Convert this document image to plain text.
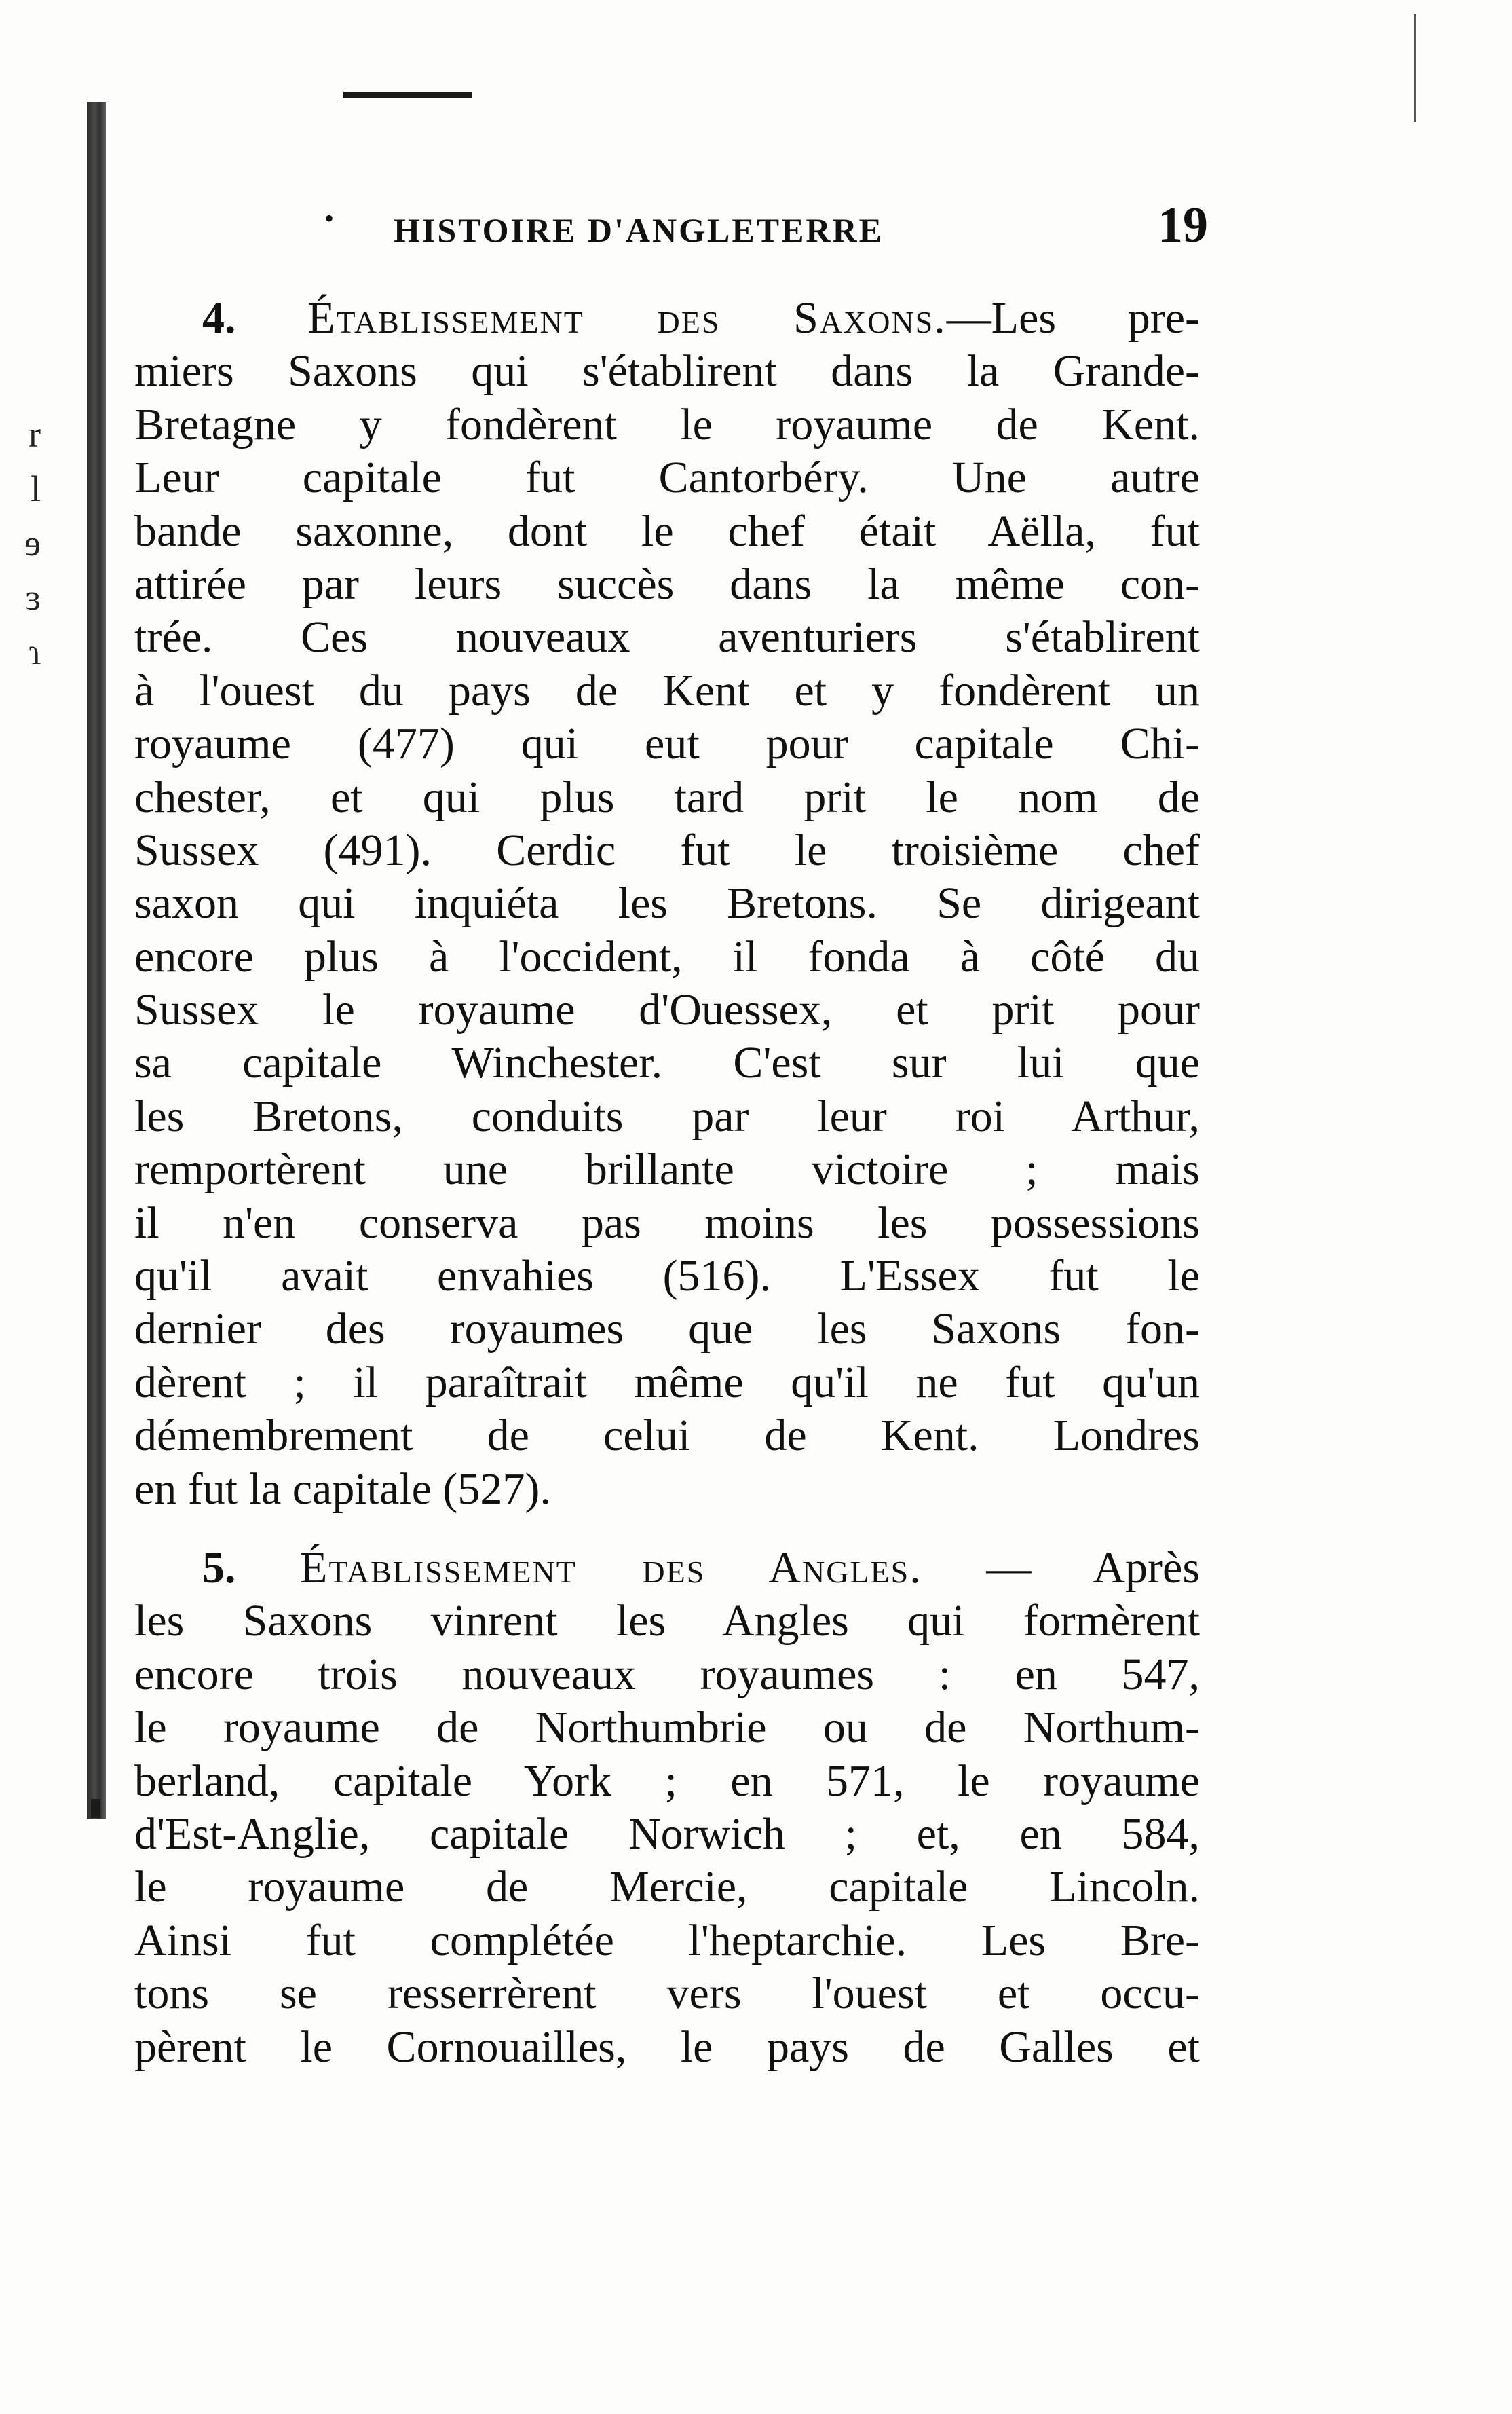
r
l
ɘ
ɜ
ɿ
• HISTOIRE D'ANGLETERRE	19
4. Établissement des Saxons.—Les pre-
miers Saxons qui s'établirent dans la Grande-
Bretagne y fondèrent le royaume de Kent.
Leur capitale fut Cantorbéry. Une autre
bande saxonne, dont le chef était Aëlla, fut
attirée par leurs succès dans la même con-
trée. Ces nouveaux aventuriers s'établirent
à l'ouest du pays de Kent et y fondèrent un
royaume (477) qui eut pour capitale Chi-
chester, et qui plus tard prit le nom de
Sussex (491). Cerdic fut le troisième chef
saxon qui inquiéta les Bretons. Se dirigeant
encore plus à l'occident, il fonda à côté du
Sussex le royaume d'Ouessex, et prit pour
sa capitale Winchester. C'est sur lui que
les Bretons, conduits par leur roi Arthur,
remportèrent une brillante victoire ; mais
il n'en conserva pas moins les possessions
qu'il avait envahies (516). L'Essex fut le
dernier des royaumes que les Saxons fon-
dèrent ; il paraîtrait même qu'il ne fut qu'un
démembrement de celui de Kent. Londres
en fut la capitale (527).
5. Établissement des Angles. — Après
les Saxons vinrent les Angles qui formèrent
encore trois nouveaux royaumes : en 547,
le royaume de Northumbrie ou de Northum-
berland, capitale York ; en 571, le royaume
d'Est-Anglie, capitale Norwich ; et, en 584,
le royaume de Mercie, capitale Lincoln.
Ainsi fut complétée l'heptarchie. Les Bre-
tons se resserrèrent vers l'ouest et occu-
pèrent le Cornouailles, le pays de Galles et
